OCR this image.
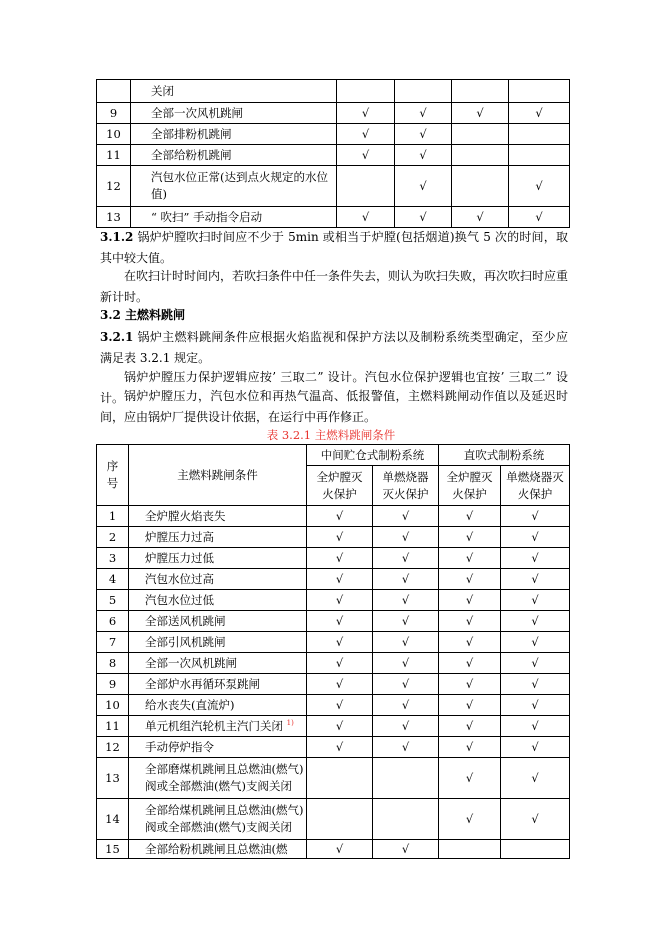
	关闭				
9	全部一次风机跳闸	√	√	√	√
10	全部排粉机跳闸	√	√		
11	全部给粉机跳闸	√	√		
12	汽包水位正常(达到点火规定的水位值)		√		√
13	“ 吹扫” 手动指令启动	√	√	√	√
3.1.2 锅炉炉膛吹扫时间应不少于 5min 或相当于炉膛(包括烟道)换气 5 次的时间，取其中较大值。
在吹扫计时时间内，若吹扫条件中任一条件失去，则认为吹扫失败，再次吹扫时应重新计时。
3.2 主燃料跳闸
3.2.1 锅炉主燃料跳闸条件应根据火焰监视和保护方法以及制粉系统类型确定，至少应满足表 3.2.1 规定。
锅炉炉膛压力保护逻辑应按’ 三取二” 设计。汽包水位保护逻辑也宜按’ 三取二” 设计。 锅炉炉膛压力，汽包水位和再热气温高、低报警值，主燃料跳闸动作值以及延迟时间，应由锅炉厂提供设计依据，在运行中再作修正。
表 3.2.1 主燃料跳闸条件
序号	主燃料跳闸条件	中间贮仓式制粉系统		直吹式制粉系统	
		全炉膛灭火保护	单燃烧器灭火保护	全炉膛灭火保护	单燃烧器灭火保护

1	全炉膛火焰丧失	√	√	√	√
2	炉膛压力过高	√	√	√	√
3	炉膛压力过低	√	√	√	√
4	汽包水位过高	√	√	√	√
5	汽包水位过低	√	√	√	√
6	全部送风机跳闸	√	√	√	√
7	全部引风机跳闸	√	√	√	√
8	全部一次风机跳闸	√	√	√	√
9	全部炉水再循环泵跳闸	√	√	√	√
10	给水丧失(直流炉)	√	√	√	√
11	单元机组汽轮机主汽门关闭 $^{1)}$	√	√	√	√
12	手动停炉指令	√	√	√	√
13	全部磨煤机跳闸且总燃油(燃气)阀或全部燃油(燃气)支阀关闭			√	√
14	全部给煤机跳闸且总燃油(燃气)阀或全部燃油(燃气)支阀关闭			√	√
15	全部给粉机跳闸且总燃油(燃	√	√		
